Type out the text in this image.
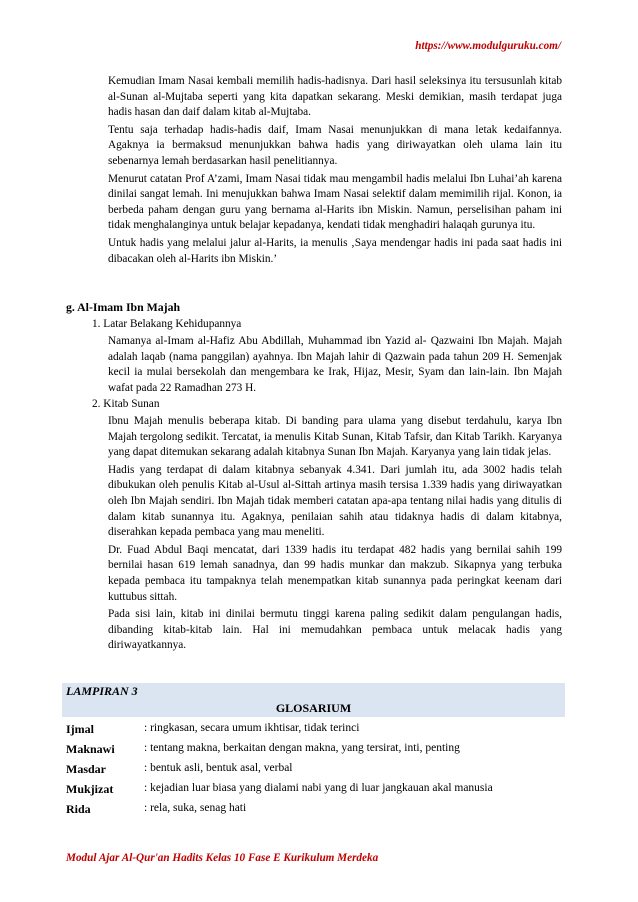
https://www.modulguruku.com/

Kemudian Imam Nasai kembali memilih hadis-hadisnya. Dari hasil seleksinya itu tersusunlah kitab al-Sunan al-Mujtaba seperti yang kita dapatkan sekarang. Meski demikian, masih terdapat juga hadis hasan dan daif dalam kitab al-Mujtaba.

Tentu saja terhadap hadis-hadis daif, Imam Nasai menunjukkan di mana letak kedaifannya. Agaknya ia bermaksud menunjukkan bahwa hadis yang diriwayatkan oleh ulama lain itu sebenarnya lemah berdasarkan hasil penelitiannya.

Menurut catatan Prof A’zami, Imam Nasai tidak mau mengambil hadis melalui Ibn Luhai’ah karena dinilai sangat lemah. Ini menujukkan bahwa Imam Nasai selektif dalam memimilih rijal. Konon, ia berbeda paham dengan guru yang bernama al-Harits ibn Miskin. Namun, perselisihan paham ini tidak menghalanginya untuk belajar kepadanya, kendati tidak menghadiri halaqah gurunya itu.

Untuk hadis yang melalui jalur al-Harits, ia menulis ‚Saya mendengar hadis ini pada saat hadis ini dibacakan oleh al-Harits ibn Miskin.’

g. Al-Imam Ibn Majah
1. Latar Belakang Kehidupannya

Namanya al-Imam al-Hafiz Abu Abdillah, Muhammad ibn Yazid al- Qazwaini Ibn Majah. Majah adalah laqab (nama panggilan) ayahnya. Ibn Majah lahir di Qazwain pada tahun 209 H. Semenjak kecil ia mulai bersekolah dan mengembara ke Irak, Hijaz, Mesir, Syam dan lain-lain. Ibn Majah wafat pada 22 Ramadhan 273 H.

2. Kitab Sunan

Ibnu Majah menulis beberapa kitab. Di banding para ulama yang disebut terdahulu, karya Ibn Majah tergolong sedikit. Tercatat, ia menulis Kitab Sunan, Kitab Tafsir, dan Kitab Tarikh. Karyanya yang dapat ditemukan sekarang adalah kitabnya Sunan Ibn Majah. Karyanya yang lain tidak jelas.

Hadis yang terdapat di dalam kitabnya sebanyak 4.341. Dari jumlah itu, ada 3002 hadis telah dibukukan oleh penulis Kitab al-Usul al-Sittah artinya masih tersisa 1.339 hadis yang diriwayatkan oleh Ibn Majah sendiri. Ibn Majah tidak memberi catatan apa-apa tentang nilai hadis yang ditulis di dalam kitab sunannya itu. Agaknya, penilaian sahih atau tidaknya hadis di dalam kitabnya, diserahkan kepada pembaca yang mau meneliti.

Dr. Fuad Abdul Baqi mencatat, dari 1339 hadis itu terdapat 482 hadis yang bernilai sahih 199 bernilai hasan 619 lemah sanadnya, dan 99 hadis munkar dan makzub. Sikapnya yang terbuka kepada pembaca itu tampaknya telah menempatkan kitab sunannya pada peringkat keenam dari kuttubus sittah.

Pada sisi lain, kitab ini dinilai bermutu tinggi karena paling sedikit dalam pengulangan hadis, dibanding kitab-kitab lain. Hal ini memudahkan pembaca untuk melacak hadis yang diriwayatkannya.

LAMPIRAN 3
GLOSARIUM
Ijmal	: ringkasan, secara umum ikhtisar, tidak terinci
Maknawi	: tentang makna, berkaitan dengan makna, yang tersirat, inti, penting
Masdar	: bentuk asli, bentuk asal, verbal
Mukjizat	: kejadian luar biasa yang dialami nabi yang di luar jangkauan akal manusia
Rida	: rela, suka, senag hati
Modul Ajar Al-Qur'an Hadits Kelas 10 Fase E Kurikulum Merdeka
